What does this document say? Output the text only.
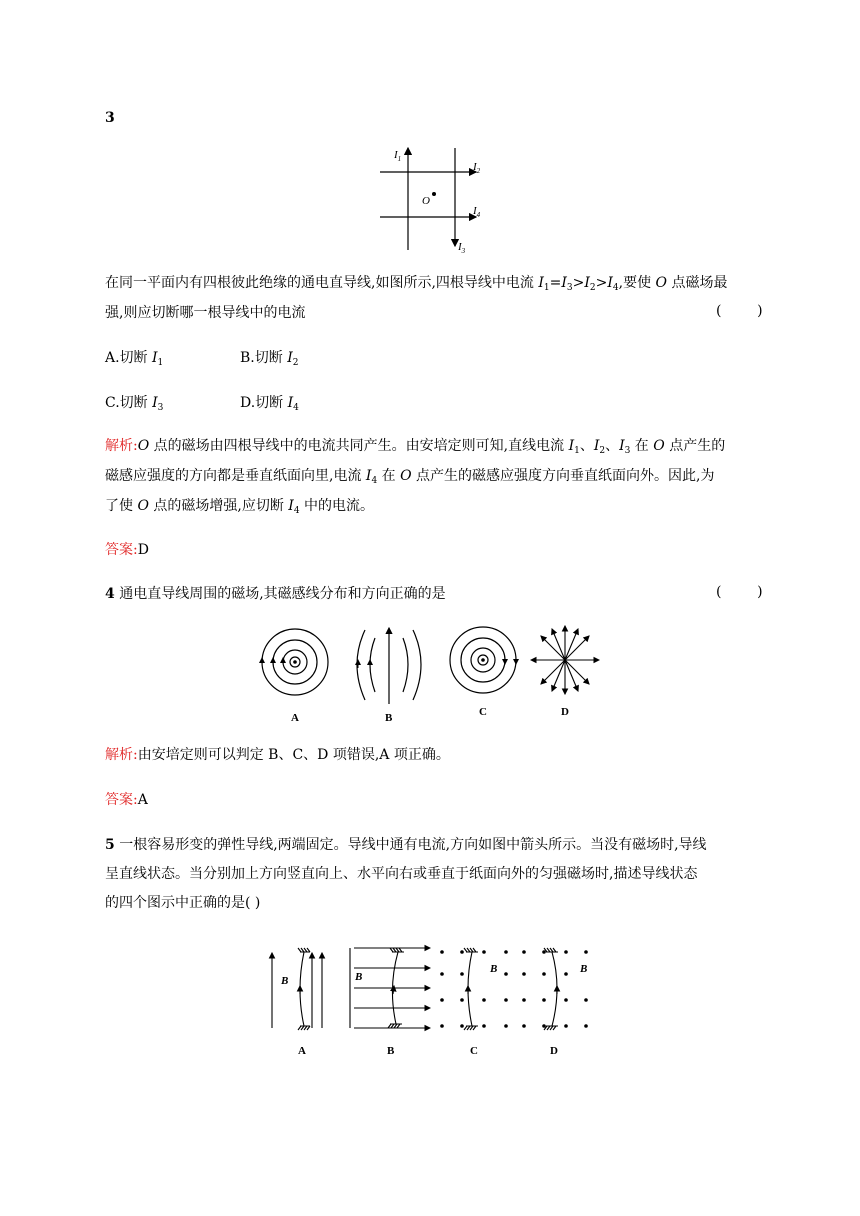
3
$I_1$
$I_2$
$I_3$
$I_4$
O
在同一平面内有四根彼此绝缘的通电直导线,如图所示,四根导线中电流 $I_1=I_3>I_2>I_4$,要使 O 点磁场最
强,则应切断哪一根导线中的电流	(        )
A.切断 $I_1$	B.切断 $I_2$
C.切断 $I_3$	D.切断 $I_4$
解析:O 点的磁场由四根导线中的电流共同产生。由安培定则可知,直线电流 $I_1$、$I_2$、$I_3$ 在 O 点产生的
磁感应强度的方向都是垂直纸面向里,电流 $I_4$ 在 O 点产生的磁感应强度方向垂直纸面向外。因此,为
了使 O 点的磁场增强,应切断 $I_4$ 中的电流。
答案:D
4 通电直导线周围的磁场,其磁感线分布和方向正确的是	(        )
A	B	C	D
解析:由安培定则可以判定 B、C、D 项错误,A 项正确。
答案:A
5 一根容易形变的弹性导线,两端固定。导线中通有电流,方向如图中箭头所示。当没有磁场时,导线
呈直线状态。当分别加上方向竖直向上、水平向右或垂直于纸面向外的匀强磁场时,描述导线状态
的四个图示中正确的是( )
B	B
B	B
A	B	C	D
